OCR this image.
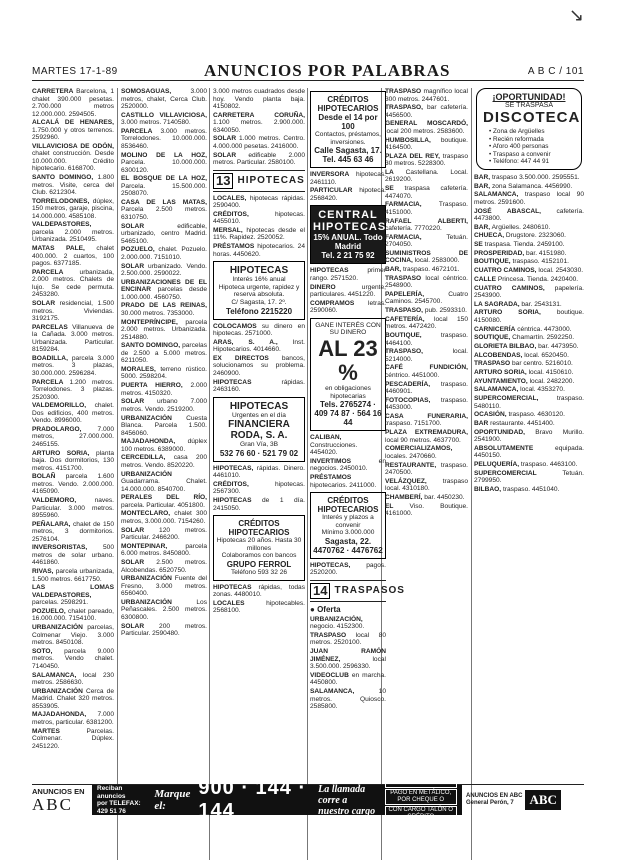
↘
MARTES 17-1-89	ANUNCIOS POR PALABRAS	A B C / 101

CARRETERA Barcelona, 1 chalet 390.000 pesetas. 2.700.000 metros 12.000.000. 2594505.

ALCALÁ DE HENARES, 1.750.000 y otros terrenos. 2592960.

VILLAVICIOSA DE ODÓN, chalet construcción. Desde 10.000.000. Crédito hipotecario. 6168700.

SANTO DOMINGO, 1.800 metros. Visite, cerca del Club. 6212304.

TORRELODONES, dúplex, 150 metros, garaje, piscina, 14.000.000. 4585108.

VALDEPASTORES, parcela 2.000 metros. Urbanizada. 2510495.

MATAS PALE, chalet 400.000. 2 cuartos, 100 pagos. 6377185.

PARCELA urbanizada, 2.000 metros. Chalets de lujo. Se cede permuta. 2453280.

SOLAR residencial, 1.500 metros. Viviendas. 3192175.

PARCELAS Villanueva de la Cañada. 3.000 metros. Urbanizada. Particular. 8159284.

BOADILLA, parcela 3.000 metros. 3 plazas, 30.000.000. 2596284.

PARCELA 1.200 metros. Torrelodones. 3 plazas. 2520300.

VALDEMORILLO, chalet. Dos edificios, 400 metros. Vendo. 8996000.

PRADOLARGO, 7.000 metros, 27.000.000. 2465155.

ARTURO SORIA, planta baja. Dos dormitorios, 130 metros. 4151700.

BOLAÑ parcela 1.600 metros. Vendo. 2.000.000. 4165090.

VALDEMORO,	naves. Particular. 3.000 metros. 8955960.

PEÑALARA, chalet de 150 metros, 3 dormitorios. 2576104.

INVERSORISTAS, 500 metros de solar urbano. 4461860.

RIVAS, parcela urbanizada, 1.500 metros. 6617750.

LAS LOMAS VALDEPASTORES, parcelas. 2598291.

POZUELO, chalet pareado, 16.000.000. 7154100.

URBANIZACIÓN parcelas, Colmenar Viejo. 3.000 metros. 8450108.

SOTO, parcela 9.000 metros. Vendo chalet. 7140450.

SALAMANCA, local 230 metros. 2586630.

URBANIZACIÓN Cerca de Madrid. Chalet 320 metros. 8553905.

MAJADAHONDA, 7.000 metros, particular. 6381200.

MARTES	Parcelas. Colmenar. Dúplex. 2451220.

SOMOSAGUAS,	3.000 metros, chalet, Cerca Club. 2520000.

CASTILLO VILLAVICIOSA, 3.000 metros. 7140580.

PARCELA 3.000 metros. Torrelodones. 10.000.000. 8536460.

MOLINO DE LA HOZ, Parcela. 10.000.000. 6300120.

EL BOSQUE DE LA HOZ, Parcela. 15.500.000. 2508070.

CASA DE LAS MATAS, Parcela 2.500 metros. 6310750.

SOLAR	edificable, urbanizado, centro Madrid. 5465100.

POZUELO, chalet. Pozuelo. 2.000.000. 7151010.

SOLAR urbanizado. Vendo. 2.500.000. 2590022.

URBANIZACIONES DE EL ENCINAR parcelas desde 1.000.000. 4560750.

PRADO DE LAS REINAS, 30.000 metros. 7353000.

MONTEPRÍNCIPE, parcela 2.000 metros. Urbanizada. 2514880.

SANTO DOMINGO, parcelas de 2.500 a 5.000 metros. 6211050.

MORALES, terreno rústico. 5000. 2598204.

PUERTA HIERRO, 2.000 metros. 4150320.

SOLAR urbano 7.000 metros. Vendo. 2519200.

URBANIZACIÓN Cuesta Blanca. Parcela 1.500. 8456060.

MAJADAHONDA, dúplex 100 metros. 6389000.

CERCEDILLA, casa 200 metros. Vendo. 8520220.

URBANIZACIÓN Guadarrama. Chalet. 14.000.000. 8540700.

PERALES DEL RÍO, parcela. Particular. 4051800.

MONTECLARO, chalet 300 metros, 3.000.000. 7154260.

SOLAR 120 metros. Particular. 2466200.

MONTEPINAR,	parcela 6.000 metros. 8450800.

SOLAR 2.500 metros. Alcobendas. 6520750.

URBANIZACIÓN Fuente del Fresno, 3.000 metros. 6560400.

URBANIZACIÓN	Los Peñascales. 2.500 metros. 6300800.

SOLAR 200 metros. Particular. 2590480.

3.000 metros cuadrados desde hoy. Vendo planta baja. 4150802.

CARRETERA CORUÑA, 1.100 metros. 2.900.000. 6340050.

SOLAR 1.000 metros. Centro. 4.000.000 pesetas. 2416000.

SOLAR edificable 2.000 metros. Particular. 2580100.

13 HIPOTECAS

LOCALES, hipotecas rápidas. 2590400.

CRÉDITOS,	hipotecas. 4455010.

MERSAL, hipotecas desde el 11%. Rapidez. 2520052.

PRÉSTAMOS hipotecarios. 24 horas. 4450620.

HIPOTECAS
Interés 16% anual
Hipoteca urgente, rapidez y reserva absoluta.
C/ Sagasta, 17. 2º.
Teléfono 2215220

COLOCAMOS su dinero en hipotecas. 2571000.

ARAS, S. A., Inst. Hipotecarios. 4014660.

EX DIRECTOS bancos, solucionamos su problema. 2460900.

HIPOTECAS	rápidas. 2463160.

HIPOTECAS
Urgentes en el día
FINANCIERA
RODA, S. A.
Gran Vía, 3B
532 76 60 · 521 79 02

HIPOTECAS, rápidas. Dinero. 4461010.

CRÉDITOS,	hipotecas. 2567300.

HIPOTECAS de 1 día. 2415050.

CRÉDITOS HIPOTECARIOS
Hipotecas 20 años. Hasta 30 millones
Colaboramos con bancos
GRUPO FERROL
Teléfono 593 32 26

HIPOTECAS rápidas, todas zonas. 4480010.

LOCALES	hipotecables. 2568100.

CRÉDITOS HIPOTECARIOS
Desde el 14 por 100
Contactos, préstamos, inversiones.
Calle Sagasta, 17.
Tel. 445 63 46

INVERSORA hipotecas. 2461110.

PARTICULAR hipoteca. 2568420.

CENTRAL
HIPOTECAS
15% ANUAL. Todo Madrid
Tel. 2 21 75 92

HIPOTECAS	primer rango. 2571520.

DINERO	urgente, particulares. 4451220.

COMPRAMOS letras. 2590060.

GANE INTERÉS CON SU DINERO
AL 23 %
en obligaciones hipotecarias
Tels. 2765274 · 409 74 87 · 564 16 44

CALIBAN, Construcciones. 4454020.

INVERTIMOS	en negocios. 2450010.

PRÉSTAMOS hipotecarios. 2411000.

CRÉDITOS HIPOTECARIOS
Interés y plazos a convenir
Mínimo 3.000.000
Sagasta, 22.
4470762 · 4476762

HIPOTECAS, pagos. 2520200.

14 TRASPASOS
● Oferta

URBANIZACIÓN, negocio. 4152300.

TRASPASO local 80 metros. 2520100.

JUAN RAMÓN JIMÉNEZ,	local 3.500.000. 2596330.

VIDEOCLUB en marcha. 4450800.

SALAMANCA,	10 metros. Quiosco. 2585800.

TRASPASO magnífico local 300 metros. 2447601.

TRASPASO, bar cafetería. 4456500.

GENERAL MOSCARDÓ, local 200 metros. 2583600.

HUMBOSILLA, boutique. 4164500.

PLAZA DEL REY, traspaso 30 metros. 5228300.

LA Castellana. Local. 2619200.

SE traspasa cafetería. 4474070.

FARMACIA,	Traspaso. 4151000.

RAFAEL ALBERTI, cafetería. 7770220.

FARMACIA,	Tetuán. 2704050.

SUMINISTROS DE COCINA, local. 2583000.

BAR, traspaso. 4672101.

TRASPASO local céntrico. 2548900.

PAPELERÍA,	Cuatro Caminos. 2545700.

TRASPASO, pub. 2593310.

CAFETERÍA, local 150 metros. 4472420.

BOUTIQUE,	traspaso. 4464100.

TRASPASO,	local. 5214000.

CAFÉ FUNDICIÓN, céntrico. 4451000.

PESCADERÍA, traspaso. 4460901.

FOTOCOPIAS, traspaso. 4453000.

CASA FUNERARIA, traspaso. 7151700.

PLAZA EXTREMADURA, local 90 metros. 4637700.

COMERCIALIZAMOS, locales. 2470660.

RESTAURANTE, traspaso. 2470500.

VELÁZQUEZ, traspaso local. 4310180.

CHAMBERÍ, bar. 4450230.

EL Viso. Boutique. 4161000.

¡OPORTUNIDAD!
SE TRASPASA
DISCOTECA
• Zona de Argüelles
• Recién reformada
• Aforo 400 personas
• Traspaso a convenir
• Teléfono: 447 44 91

BAR, traspaso 3.500.000. 2595551.

BAR, zona Salamanca. 4456990.

SALAMANCA, traspaso local 90 metros. 2591600.

JOSÉ ABASCAL, cafetería. 4473800.

BAR, Argüelles. 2480610.

CHUECA, Drugstore. 2323060.

SE traspasa. Tienda. 2459100.

PROSPERIDAD, bar. 4151980.

BOUTIQUE, traspaso. 4152101.

CUATRO CAMINOS, local. 2543030.

CALLE Princesa. Tienda. 2420400.

CUATRO CAMINOS, papelería. 2543900.

LA SAGRADA, bar. 2543131.

ARTURO SORIA, boutique. 4150080.

CARNICERÍA céntrica. 4473000.

SOUTIQUE, Chamartín. 2592250.

GLORIETA BILBAO, bar. 4473950.

ALCOBENDAS, local. 6520450.

TRASPASO bar centro. 5216010.

ARTURO SORIA, local. 4150610.

AYUNTAMIENTO, local. 2482200.

SALAMANCA, local. 4353270.

SUPERCOMERCIAL,	traspaso. 5480110.

OCASIÓN, traspaso. 4630120.

BAR restaurante. 4451400.

OPORTUNIDAD, Bravo Murillo. 2541900.

ABSOLUTAMENTE	equipada. 4450150.

PELUQUERÍA, traspaso. 4463100.

SUPERCOMERCIAL	Tetuán. 2799950.

BILBAO, traspaso. 4451040.

ANUNCIOS EN
ABC
Reciban anuncios
por TELEFAX:
429 51 76
Marque el:
900 · 144 · 144
La llamada corre a nuestro cargo
Cobramos a domicilio
PAGO EN METÁLICO, POR CHEQUE O
CON CARGO TALÓN O CRÉDITO
ANUNCIOS EN ABC
General Perón, 7	ABC
